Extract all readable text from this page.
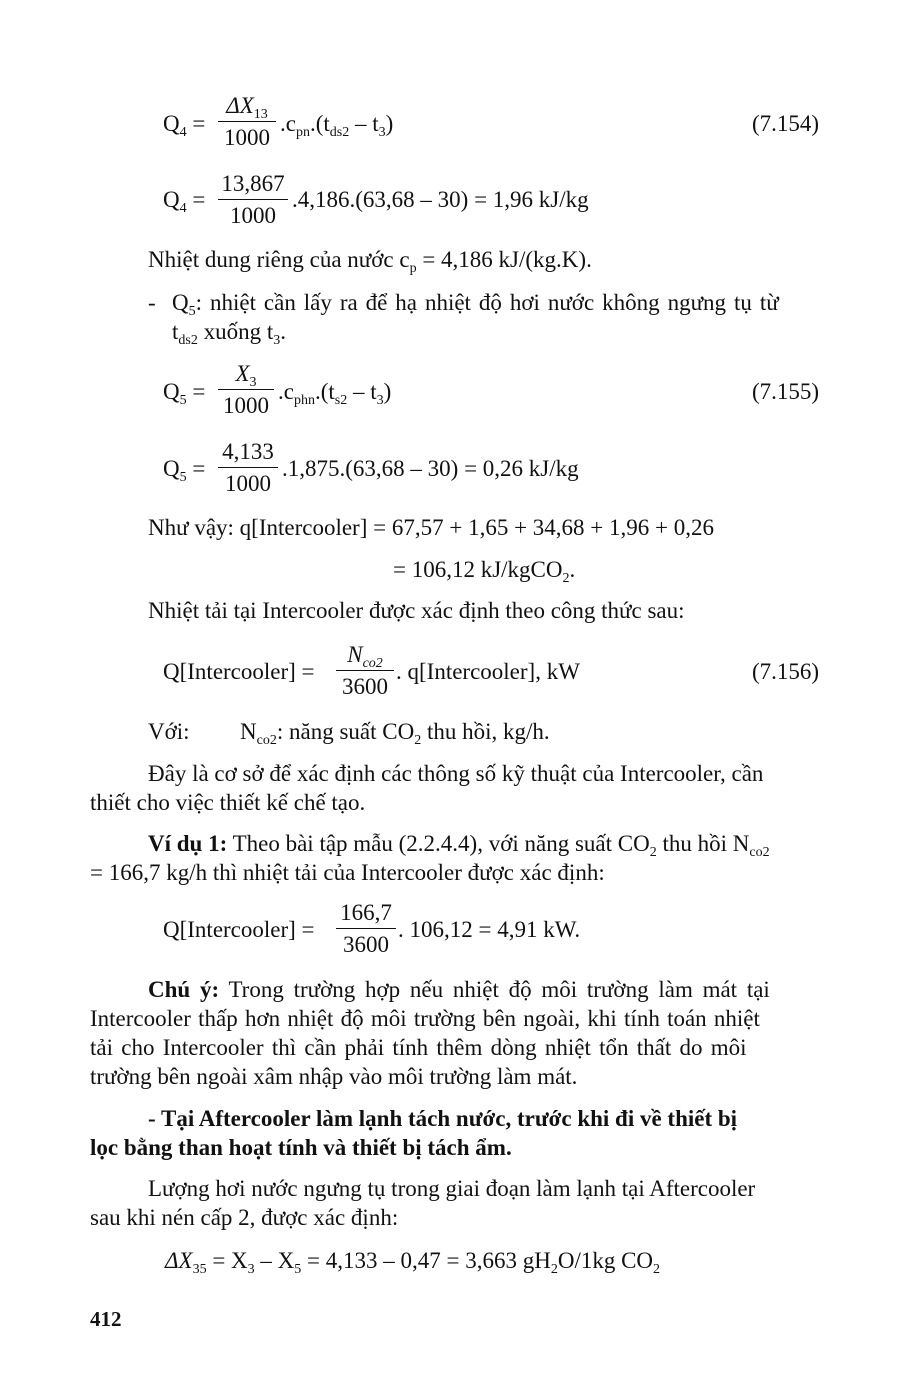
$Q_4$ =
$\Delta X_{13}$
1000
$.c_{pn}.(t_{ds2} - t_3)$	(7.154)
$Q_4$ =
13,867
1000
.4,186.(63,68 – 30) = 1,96 kJ/kg
Nhiệt dung riêng của nước $c_p = 4,186$ kJ/(kg.K).
- $Q_5$: nhiệt cần lấy ra để hạ nhiệt độ hơi nước không ngưng tụ từ
$t_{ds2}$ xuống $t_3$.
$Q_5$ =
$X_3$
1000
$.c_{phn}.(t_{s2} - t_3)$	(7.155)
$Q_5$ =
4,133
1000
.1,875.(63,68 – 30) = 0,26 kJ/kg
Như vậy: q[Intercooler] = 67,57 + 1,65 + 34,68 + 1,96 + 0,26
= 106,12 kJ/kgCO$_2$.
Nhiệt tải tại Intercooler được xác định theo công thức sau:
Q[Intercooler] =
$N_{co2}$
3600
. q[Intercooler], kW	(7.156)
Với: $N_{co2}$: năng suất $CO_2$ thu hồi, kg/h.
Đây là cơ sở để xác định các thông số kỹ thuật của Intercooler, cần
thiết cho việc thiết kế chế tạo.
Ví dụ 1: Theo bài tập mẫu (2.2.4.4), với năng suất $CO_2$ thu hồi $N_{co2}$
= 166,7 kg/h thì nhiệt tải của Intercooler được xác định:
Q[Intercooler] =
166,7
3600
. 106,12 = 4,91 kW.
Chú ý: Trong trường hợp nếu nhiệt độ môi trường làm mát tại
Intercooler thấp hơn nhiệt độ môi trường bên ngoài, khi tính toán nhiệt
tải cho Intercooler thì cần phải tính thêm dòng nhiệt tổn thất do môi
trường bên ngoài xâm nhập vào môi trường làm mát.
- Tại Aftercooler làm lạnh tách nước, trước khi đi về thiết bị
lọc bằng than hoạt tính và thiết bị tách ẩm.
Lượng hơi nước ngưng tụ trong giai đoạn làm lạnh tại Aftercooler
sau khi nén cấp 2, được xác định:
$\Delta X_{35} = X_3 - X_5 = 4,133 - 0,47 = 3,663$ $gH_2O/1kg$ $CO_2$
412
